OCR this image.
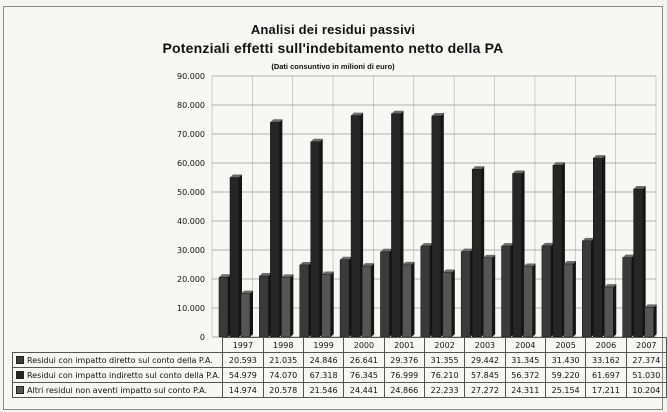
Analisi dei residui passivi
Potenziali effetti sull'indebitamento netto della PA
(Dati consuntivo in milioni di euro)
0
10.000
20.000
30.000
40.000
50.000
60.000
70.000
80.000
90.000
	1997	1998	1999	2000	2001	2002	2003	2004	2005	2006	2007
Residui con impatto diretto sul conto della P.A.	20.593	21.035	24.846	26.641	29.376	31.355	29.442	31.345	31.430	33.162	27.374
Residui con impatto indiretto sul conto della P.A.	54.979	74.070	67.318	76.345	76.999	76.210	57.845	56.372	59.220	61.697	51.030
Altri residui non aventi impatto sul conto P.A.	14.974	20.578	21.546	24.441	24.866	22.233	27.272	24.311	25.154	17.211	10.204
